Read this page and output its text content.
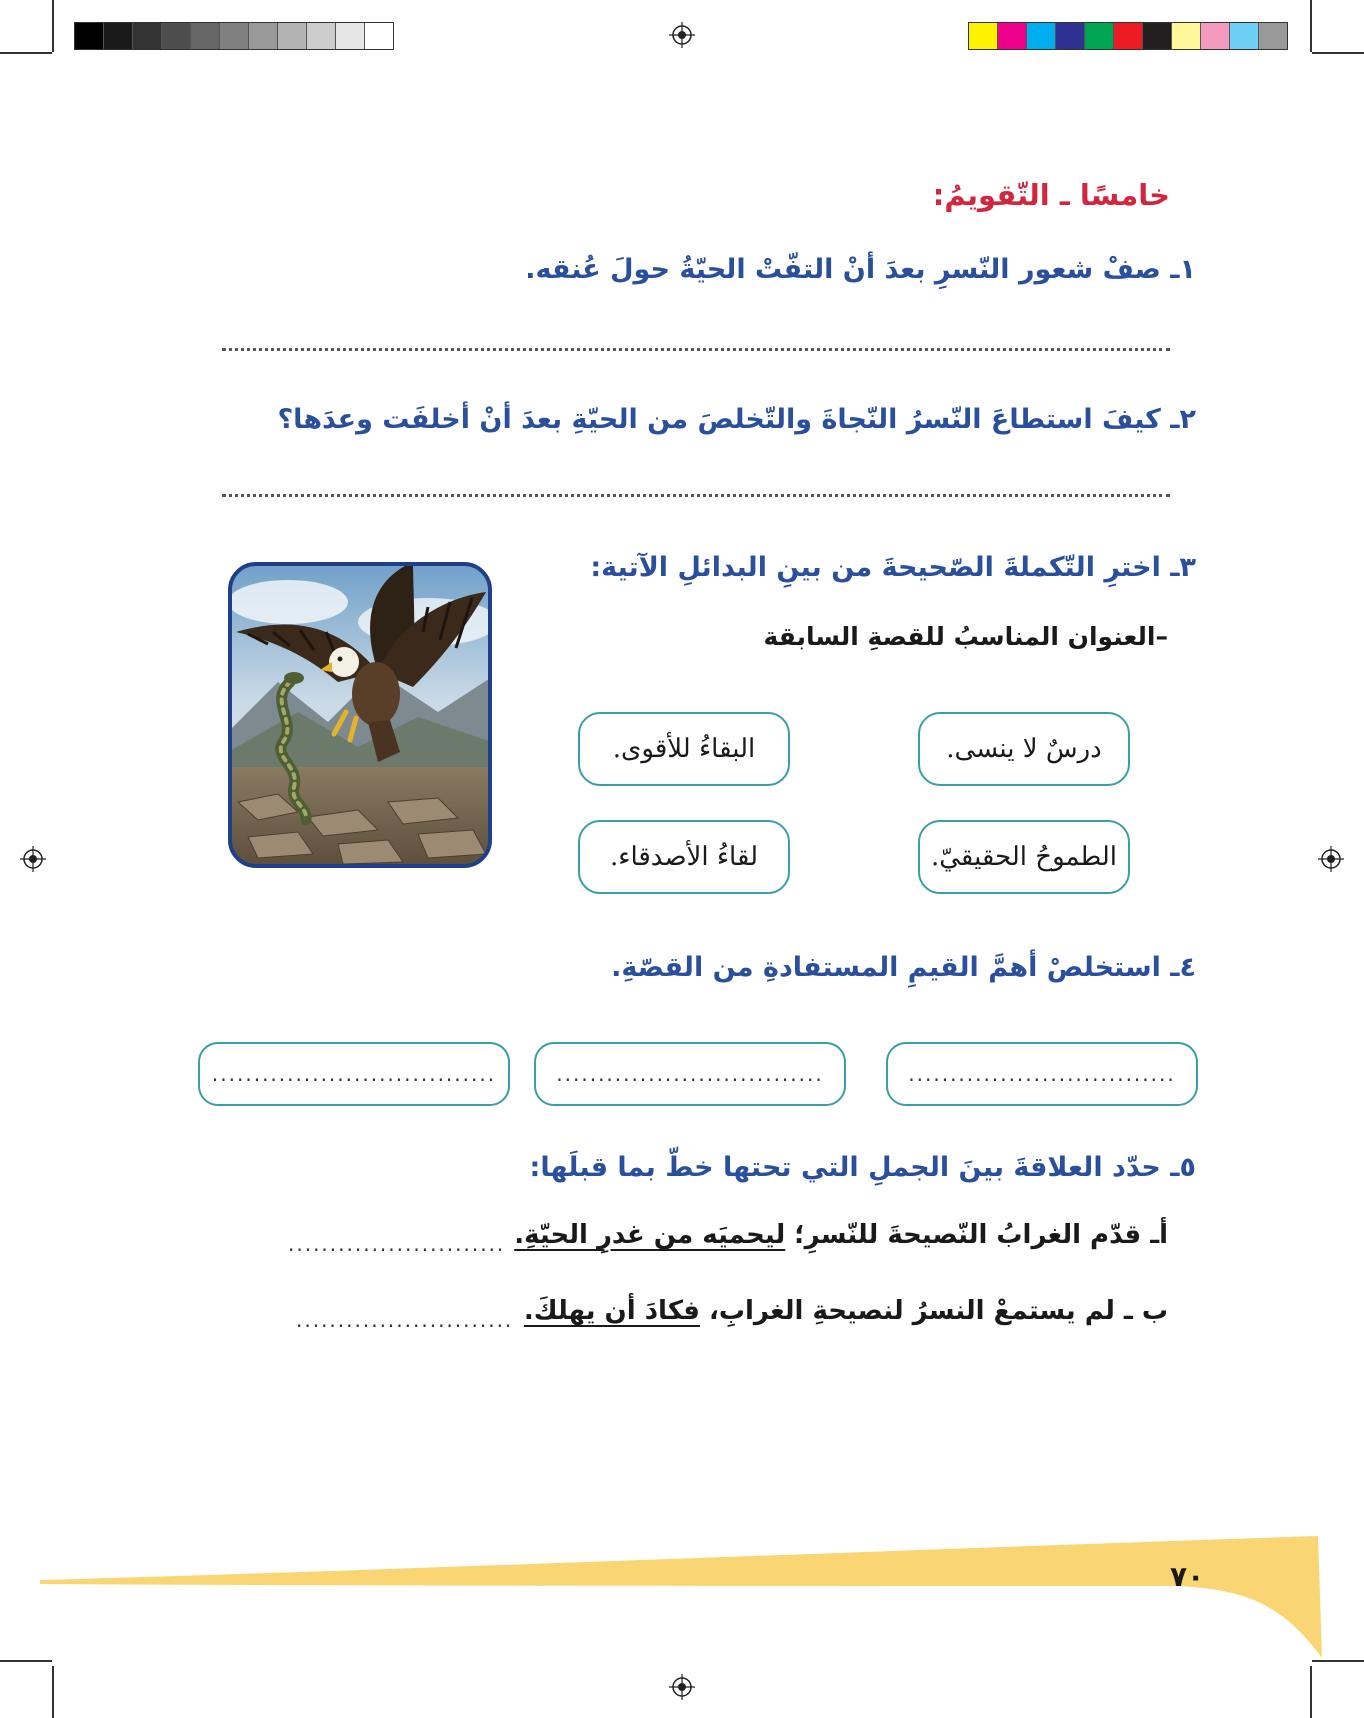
خامسًا ـ التّقويمُ:
١ـ صفْ شعور النّسرِ بعدَ أنْ التفّتْ الحيّةُ حولَ عُنقه.
٢ـ كيفَ استطاعَ النّسرُ النّجاةَ والتّخلصَ من الحيّةِ بعدَ أنْ أخلفَت وعدَها؟
٣ـ اخترِ التّكملةَ الصّحيحةَ من بينِ البدائلِ الآتية:
–العنوان المناسبُ للقصةِ السابقة
درسٌ لا ينسى.
البقاءُ للأقوى.
الطموحُ الحقيقيّ.
لقاءُ الأصدقاء.
٤ـ استخلصْ أهمَّ القيمِ المستفادةِ من القصّةِ.
................................
................................
..................................
٥ـ حدّد العلاقةَ بينَ الجملِ التي تحتها خطّ بما قبلَها:
أـ قدّم الغرابُ النّصيحةَ للنّسرِ؛ ليحميَه من غدرِ الحيّةِ.
..........................
ب ـ لم يستمعْ النسرُ لنصيحةِ الغرابِ، فكادَ أن يهلكَ.
..........................
٧٠
